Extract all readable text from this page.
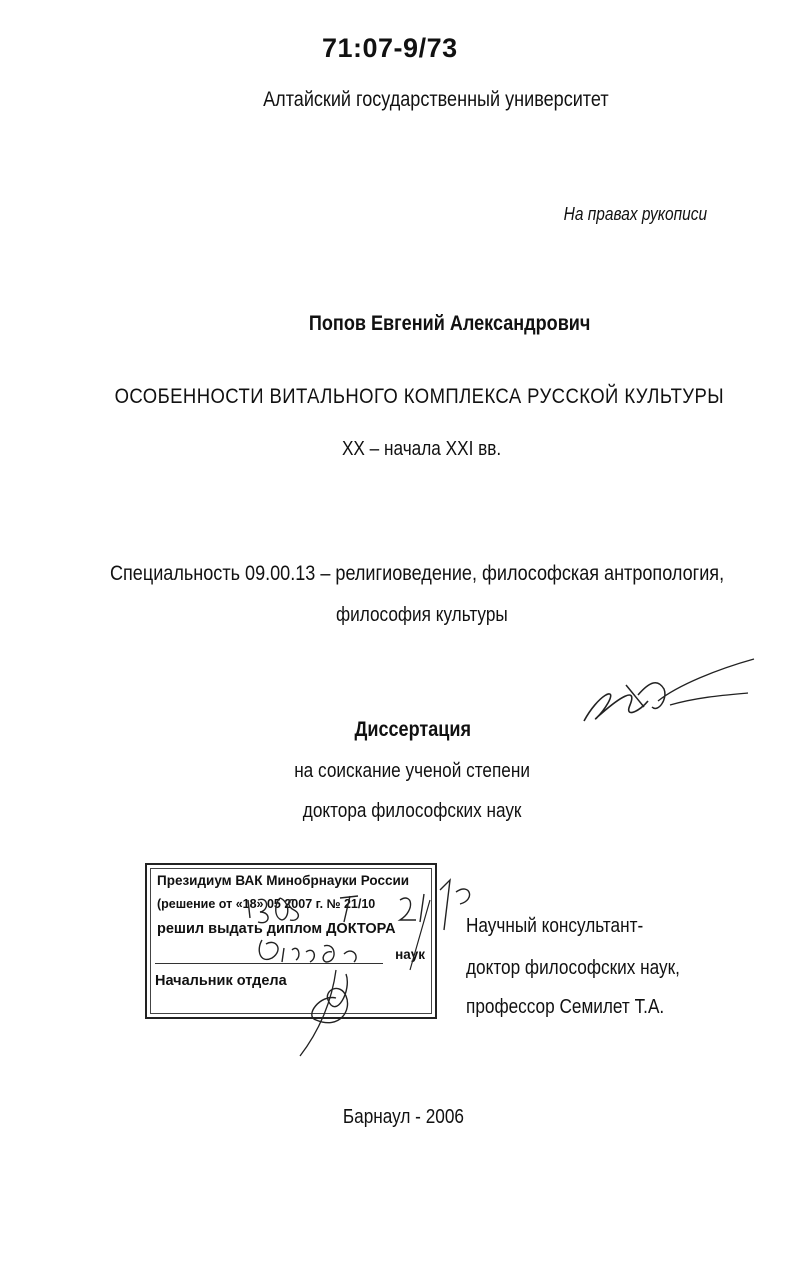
71:07-9/73
Алтайский государственный университет
На правах рукописи
Попов Евгений Александрович
ОСОБЕННОСТИ ВИТАЛЬНОГО КОМПЛЕКСА РУССКОЙ КУЛЬТУРЫ
XX – начала XXI вв.
Специальность 09.00.13 – религиоведение, философская антропология,
философия культуры
Диссертация
на соискание ученой степени
доктора философских наук
Президиум ВАК Минобрнауки России
(решение от «18» 05 2007 г. № 21/10
решил выдать диплом ДОКТОРА
наук
Начальник отдела
Научный консультант-
доктор философских наук,
профессор Семилет Т.А.
Барнаул - 2006
